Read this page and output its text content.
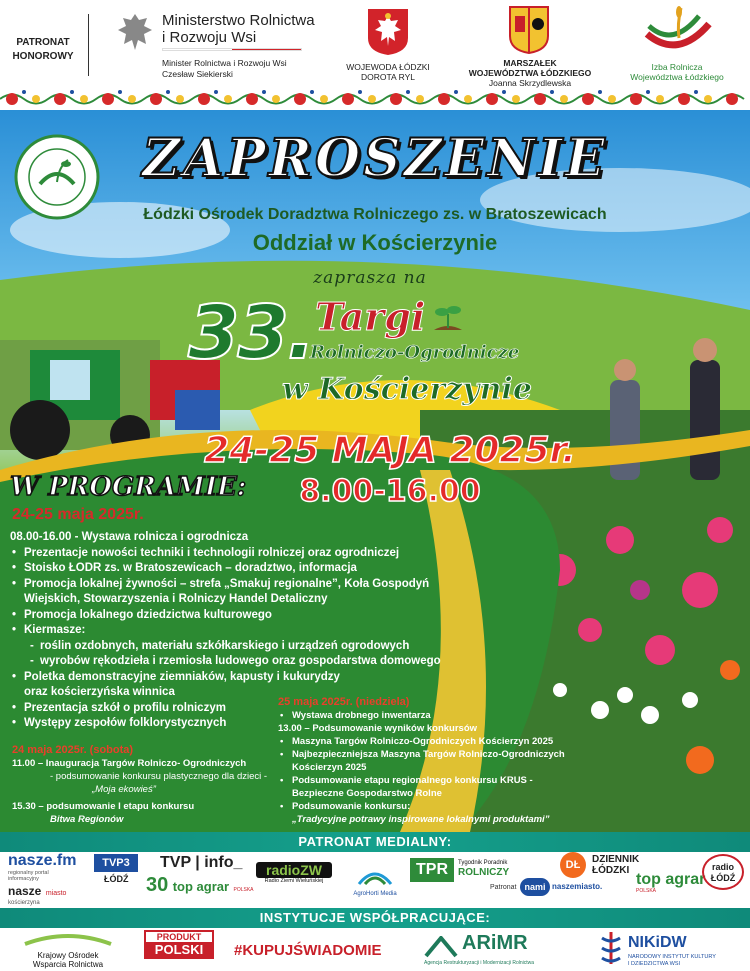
PATRONAT HONOROWY
Ministerstwo Rolnictwa
i Rozwoju Wsi
Minister Rolnictwa i Rozwoju Wsi
Czesław Siekierski
WOJEWODA ŁÓDZKI
DOROTA RYL
MARSZAŁEK
WOJEWÓDZTWA ŁÓDZKIEGO
Joanna Skrzydlewska
Izba Rolnicza
Województwa Łódzkiego
ZAPROSZENIE
Łódzki Ośrodek Doradztwa Rolniczego zs. w Bratoszewicach
Oddział w Kościerzynie
zaprasza na
33. Targi
Rolniczo-Ogrodnicze
w Kościerzynie
24-25 MAJA 2025r.
8.00-16.00
W PROGRAMIE:
24-25 maja 2025r.
08.00-16.00 - Wystawa rolnicza i ogrodnicza
• Prezentacje nowości techniki i technologii rolniczej oraz ogrodniczej
• Stoisko ŁODR zs. w Bratoszewicach – doradztwo, informacja
• Promocja lokalnej żywności – strefa „Smakuj regionalne”, Koła Gospodyń
Wiejskich, Stowarzyszenia i Rolniczy Handel Detaliczny
• Promocja lokalnego dziedzictwa kulturowego
• Kiermasze:
- roślin ozdobnych, materiału szkółkarskiego i urządzeń ogrodowych
- wyrobów rękodzieła i rzemiosła ludowego oraz gospodarstwa domowego
• Poletka demonstracyjne ziemniaków, kapusty i kukurydzy
oraz kościerzyńska winnica
• Prezentacja szkół o profilu rolniczym
• Występy zespołów folklorystycznych
24 maja 2025r. (sobota)
11.00 – Inauguracja Targów Rolniczo- Ogrodniczych
- podsumowanie konkursu plastycznego dla dzieci -
„Moja ekowieś”
15.30 – podsumowanie I etapu konkursu
Bitwa Regionów
25 maja 2025r. (niedziela)
• Wystawa drobnego inwentarza
13.00 – Podsumowanie wyników konkursów
• Maszyna Targów Rolniczo-Ogrodniczych Kościerzyn 2025
• Najbezpieczniejsza Maszyna Targów Rolniczo-Ogrodniczych Kościerzyn 2025
• Podsumowanie etapu regionalnego konkursu KRUS - Bezpieczne Gospodarstwo Rolne
• Podsumowanie konkursu:
„Tradycyjne potrawy inspirowane lokalnymi produktami”
PATRONAT MEDIALNY:
nasze.fm
regionalny portal informacyjny
nasze miasto
kościerzyna
TVP3
ŁÓDŹ
TVP | info_
30 top agrar POLSKA
radioZW
Radio Ziemi Wieluńskiej
AgroHorti Media
TPR	Tygodnik Poradnik
ROLNICZY
Patronat nami naszemiasto.
DŁ	DZIENNIK
ŁÓDZKI
top agrar
POLSKA
radio ŁÓDŹ
INSTYTUCJE WSPÓŁPRACUJĄCE:
Krajowy Ośrodek
Wsparcia Rolnictwa
PRODUKT
POLSKI	#KUPUJŚWIADOMIE	ARiMR
Agencja Restrukturyzacji i Modernizacji Rolnictwa
NIKiDW
NARODOWY INSTYTUT KULTURY
I DZIEDZICTWA WSI
